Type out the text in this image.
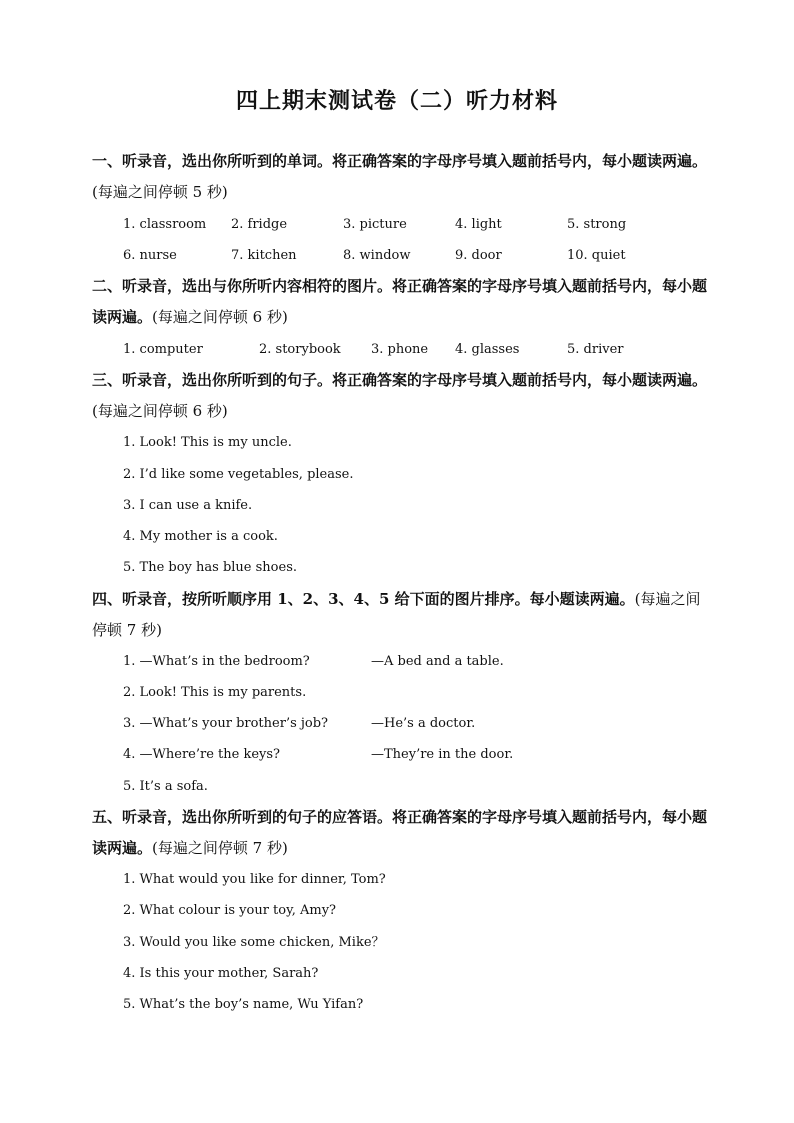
四上期末测试卷（二）听力材料
一、听录音，选出你所听到的单词。将正确答案的字母序号填入题前括号内，每小题读两遍。(每遍之间停顿 5 秒)
1. classroom 2. fridge	3. picture	4. light	5. strong
6. nurse	7. kitchen	8. window	9. door	10. quiet
二、听录音，选出与你所听内容相符的图片。将正确答案的字母序号填入题前括号内，每小题读两遍。(每遍之间停顿 6 秒)
1. computer	2. storybook 3. phone 4. glasses	5. driver
三、听录音，选出你所听到的句子。将正确答案的字母序号填入题前括号内，每小题读两遍。(每遍之间停顿 6 秒)
1. Look! This is my uncle.
2. I’d like some vegetables, please.
3. I can use a knife.
4. My mother is a cook.
5. The boy has blue shoes.
四、听录音，按所听顺序用 1、2、3、4、5 给下面的图片排序。每小题读两遍。(每遍之间停顿 7 秒)
1. —What’s in the bedroom?	—A bed and a table.
2. Look! This is my parents.
3. —What’s your brother’s job?	—He’s a doctor.
4. —Where’re the keys?	—They’re in the door.
5. It’s a sofa.
五、听录音，选出你所听到的句子的应答语。将正确答案的字母序号填入题前括号内，每小题读两遍。(每遍之间停顿 7 秒)
1. What would you like for dinner, Tom?
2. What colour is your toy, Amy?
3. Would you like some chicken, Mike？
4. Is this your mother, Sarah?
5. What’s the boy’s name, Wu Yifan?
